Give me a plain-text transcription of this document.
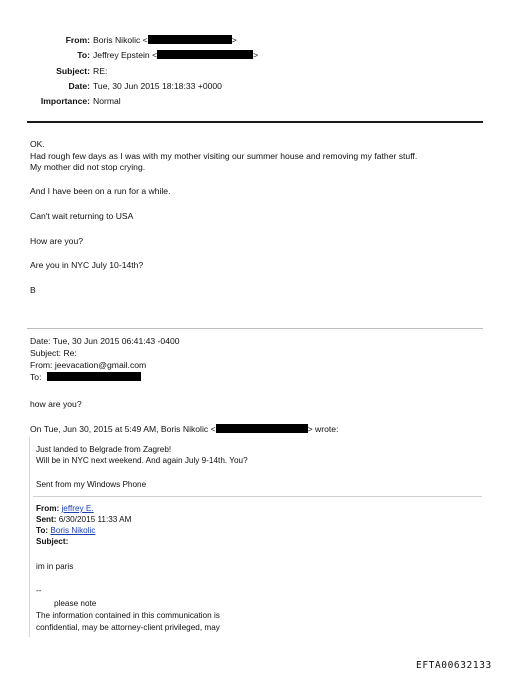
From: Boris Nikolic <	>
To: Jeffrey Epstein <	>
Subject: RE:
Date: Tue, 30 Jun 2015 18:18:33 +0000
Importance: Normal
OK.
Had rough few days as I was with my mother visiting our summer house and removing my father stuff.
My mother did not stop crying.
And I have been on a run for a while.
Can't wait returning to USA
How are you?
Are you in NYC July 10-14th?
B
Date: Tue, 30 Jun 2015 06:41:43 -0400
Subject: Re:
From: jeevacation@gmail.com
To:
how are you?
On Tue, Jun 30, 2015 at 5:49 AM, Boris Nikolic <	> wrote:
Just landed to Belgrade from Zagreb!
Will be in NYC next weekend. And again July 9-14th. You?
Sent from my Windows Phone
From: jeffrey E.
Sent: 6/30/2015 11:33 AM
To: Boris Nikolic
Subject:
im in paris
--
please note
The information contained in this communication is
confidential, may be attorney-client privileged, may
EFTA00632133
